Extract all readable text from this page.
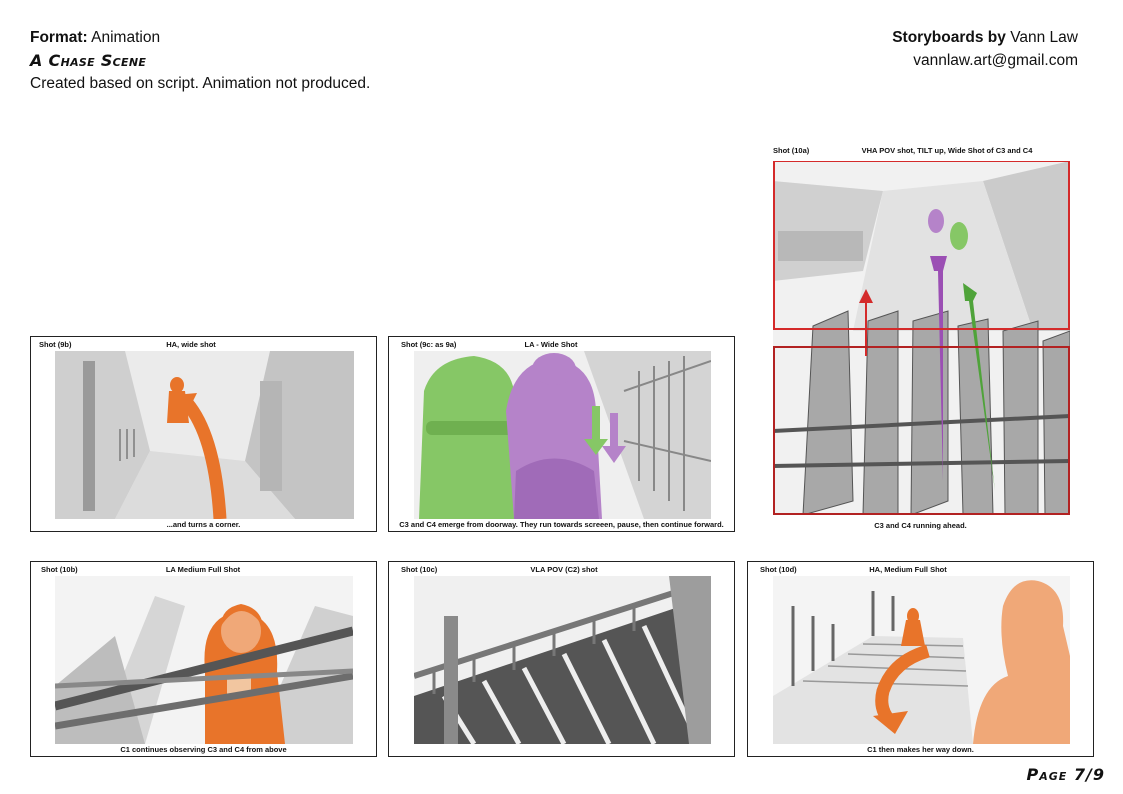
Format: Animation
A Chase Scene
Created based on script. Animation not produced.
Storyboards by Vann Law
vannlaw.art@gmail.com
Shot (9b)	HA, wide shot
...and turns a corner.
Shot (9c: as 9a)	LA - Wide Shot
C3 and C4 emerge from doorway. They run towards screeen, pause, then continue forward.
Shot (10a)	VHA POV shot, TILT up, Wide Shot of C3 and C4
C3 and C4 running ahead.
Shot (10b)	LA Medium Full Shot
C1 continues observing C3 and C4 from above
Shot (10c)	VLA POV (C2) shot	Shot (10d)	HA, Medium Full Shot
C1 then makes her way down.
Page 7/9
